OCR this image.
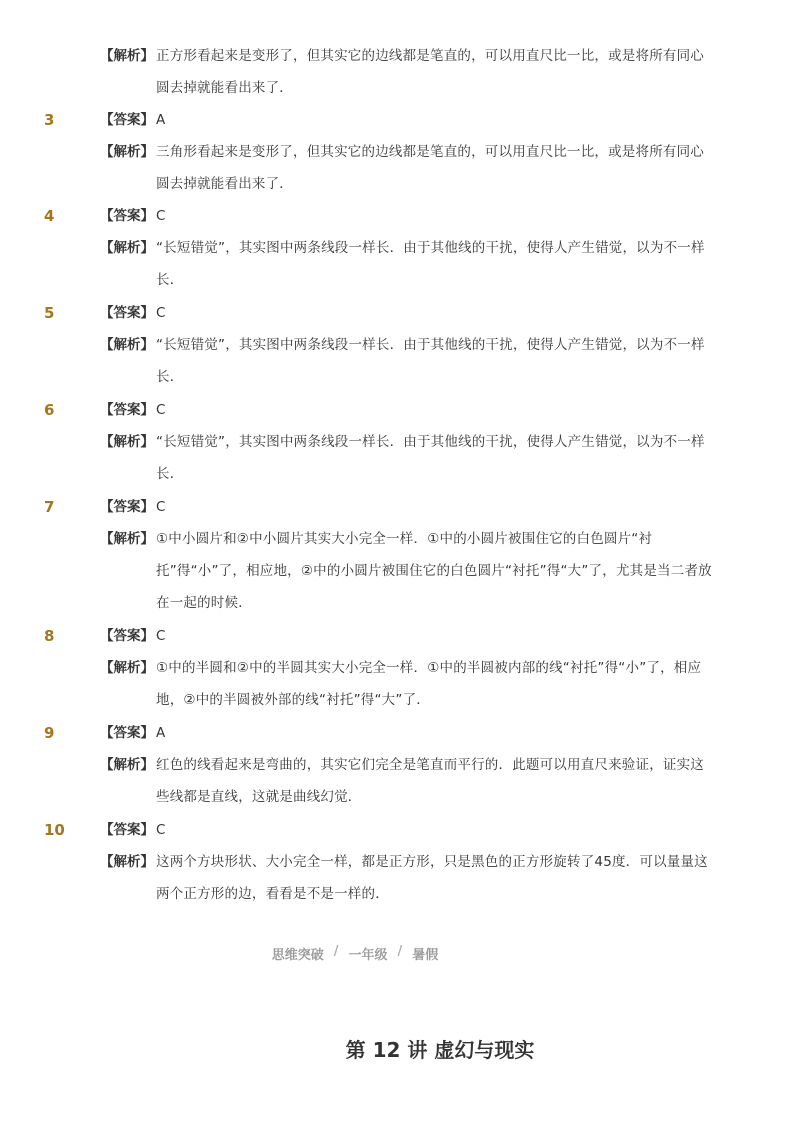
【解析】 正方形看起来是变形了，但其实它的边线都是笔直的，可以用直尺比一比，或是将所有同心圆去掉就能看出来了．
3	【答案】 A
【解析】 三角形看起来是变形了，但其实它的边线都是笔直的，可以用直尺比一比，或是将所有同心圆去掉就能看出来了．
4	【答案】 C
【解析】 “长短错觉”，其实图中两条线段一样长．由于其他线的干扰，使得人产生错觉，以为不一样长．
5	【答案】 C
【解析】 “长短错觉”，其实图中两条线段一样长．由于其他线的干扰，使得人产生错觉，以为不一样长．
6	【答案】 C
【解析】 “长短错觉”，其实图中两条线段一样长．由于其他线的干扰，使得人产生错觉，以为不一样长．
7	【答案】 C
【解析】 ①中小圆片和②中小圆片其实大小完全一样．①中的小圆片被围住它的白色圆片“衬托”得“小”了，相应地，②中的小圆片被围住它的白色圆片“衬托”得“大”了，尤其是当二者放在一起的时候．
8	【答案】 C
【解析】 ①中的半圆和②中的半圆其实大小完全一样．①中的半圆被内部的线“衬托”得“小”了，相应地，②中的半圆被外部的线“衬托”得“大”了．
9	【答案】 A
【解析】 红色的线看起来是弯曲的，其实它们完全是笔直而平行的．此题可以用直尺来验证，证实这些线都是直线，这就是曲线幻觉．
10	【答案】 C
【解析】 这两个方块形状、大小完全一样，都是正方形，只是黑色的正方形旋转了45度．可以量量这两个正方形的边，看看是不是一样的．
思维突破 / 一年级 / 暑假
第 12 讲 虚幻与现实
